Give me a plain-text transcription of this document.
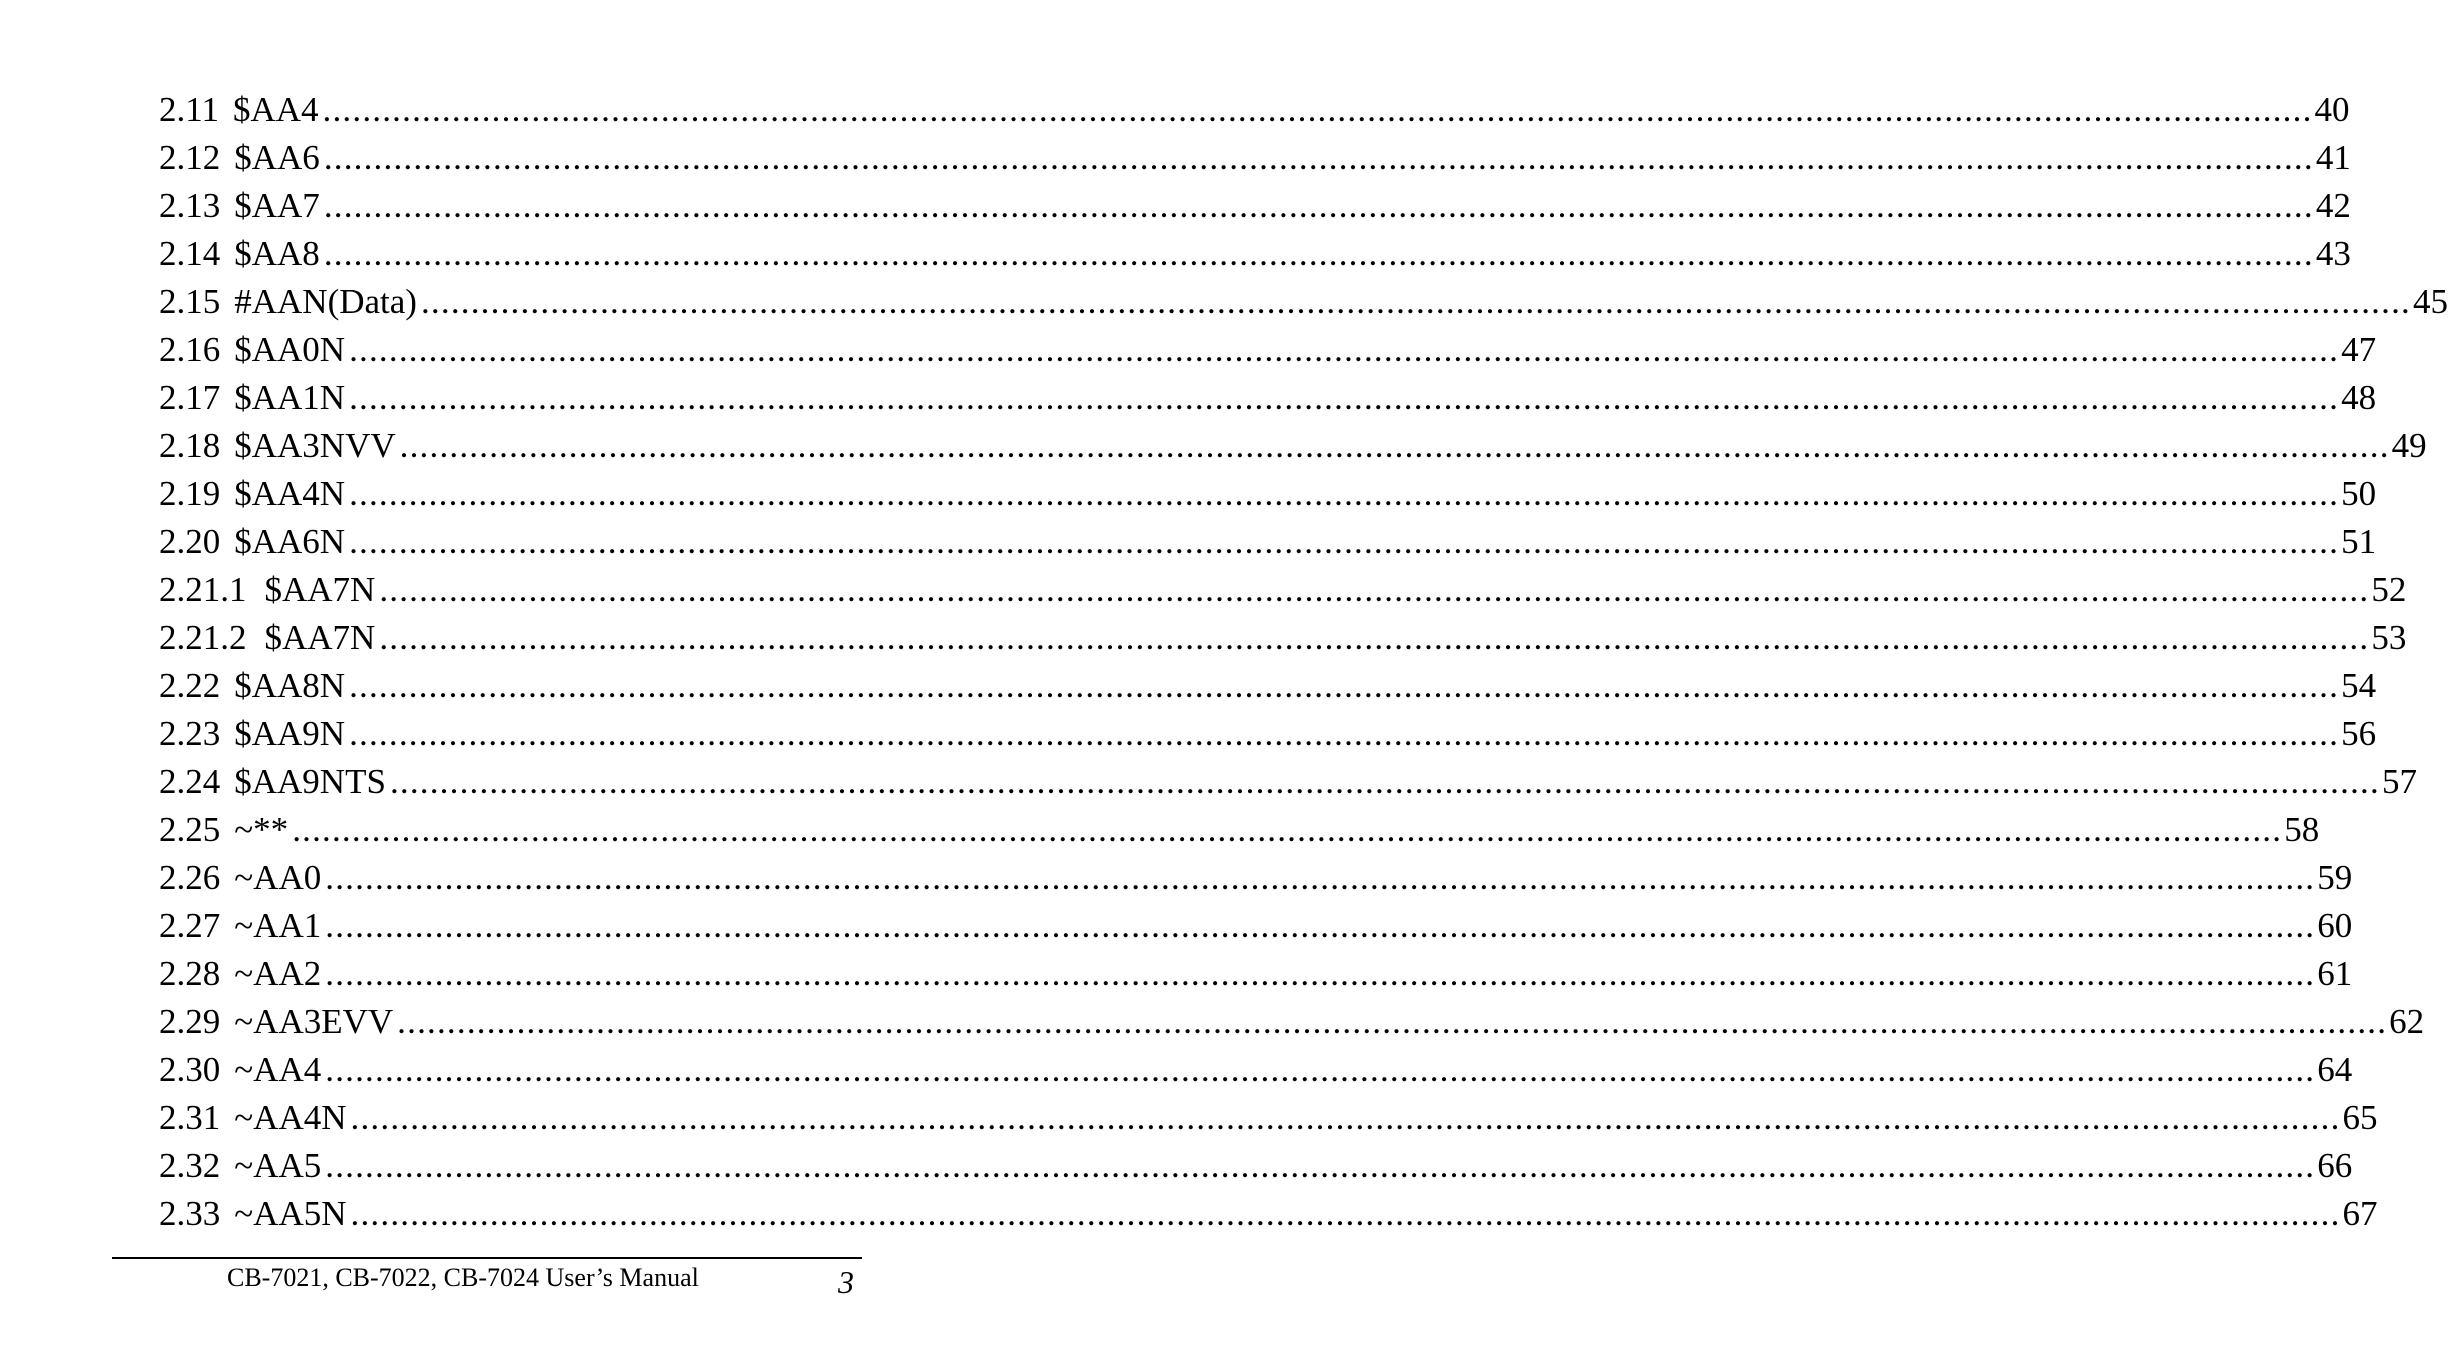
2.11 $AA4 ........................................................................................................................................................................................................ 40
2.12 $AA6 ........................................................................................................................................................................................................ 41
2.13 $AA7 ........................................................................................................................................................................................................ 42
2.14 $AA8 ........................................................................................................................................................................................................ 43
2.15 #AAN(Data) ........................................................................................................................................................................................................ 45
2.16 $AA0N ........................................................................................................................................................................................................ 47
2.17 $AA1N ........................................................................................................................................................................................................ 48
2.18 $AA3NVV ........................................................................................................................................................................................................ 49
2.19 $AA4N ........................................................................................................................................................................................................ 50
2.20 $AA6N ........................................................................................................................................................................................................ 51
2.21.1 $AA7N ........................................................................................................................................................................................................ 52
2.21.2 $AA7N ........................................................................................................................................................................................................ 53
2.22 $AA8N ........................................................................................................................................................................................................ 54
2.23 $AA9N ........................................................................................................................................................................................................ 56
2.24 $AA9NTS ........................................................................................................................................................................................................ 57
2.25 ~** ........................................................................................................................................................................................................ 58
2.26 ~AA0 ........................................................................................................................................................................................................ 59
2.27 ~AA1 ........................................................................................................................................................................................................ 60
2.28 ~AA2 ........................................................................................................................................................................................................ 61
2.29 ~AA3EVV ........................................................................................................................................................................................................ 62
2.30 ~AA4 ........................................................................................................................................................................................................ 64
2.31 ~AA4N ........................................................................................................................................................................................................ 65
2.32 ~AA5 ........................................................................................................................................................................................................ 66
2.33 ~AA5N ........................................................................................................................................................................................................ 67
CB-7021, CB-7022, CB-7024 User’s Manual	3
